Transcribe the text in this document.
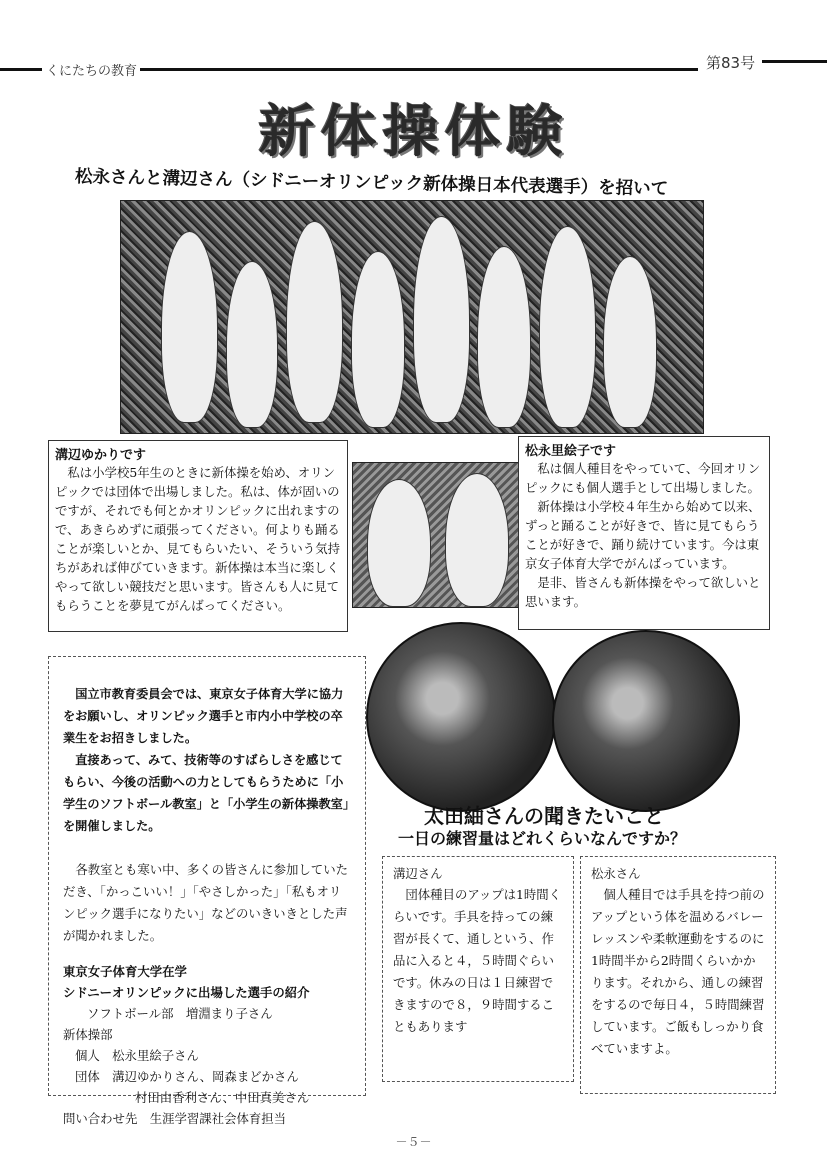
くにたちの教育	第83号
新体操体験
松永さんと溝辺さん（シドニーオリンピック新体操日本代表選手）を招いて
溝辺ゆかりです

私は小学校5年生のときに新体操を始め、オリンピックでは団体で出場しました。私は、体が固いのですが、それでも何とかオリンピックに出れますので、あきらめずに頑張ってください。何よりも踊ることが楽しいとか、見てもらいたい、そういう気持ちがあれば伸びていきます。新体操は本当に楽しくやって欲しい競技だと思います。皆さんも人に見てもらうことを夢見てがんばってください。

松永里絵子です

私は個人種目をやっていて、今回オリンピックにも個人選手として出場しました。

新体操は小学校４年生から始めて以来、ずっと踊ることが好きで、皆に見てもらうことが好きで、踊り続けています。今は東京女子体育大学でがんばっています。

是非、皆さんも新体操をやって欲しいと思います。

国立市教育委員会では、東京女子体育大学に協力をお願いし、オリンピック選手と市内小中学校の卒業生をお招きしました。

直接あって、みて、技術等のすばらしさを感じてもらい、今後の活動への力としてもらうために「小学生のソフトボール教室」と「小学生の新体操教室」を開催しました。

各教室とも寒い中、多くの皆さんに参加していただき、「かっこいい！」「やさしかった」「私もオリンピック選手になりたい」などのいきいきとした声が聞かれました。

東京女子体育大学在学

シドニーオリンピックに出場した選手の紹介

ソフトボール部　増淵まり子さん

新体操部

個人　松永里絵子さん

団体　溝辺ゆかりさん、岡森まどかさん

村田由香利さん、中田真美さん

問い合わせ先　生涯学習課社会体育担当

太田紬さんの聞きたいこと
一日の練習量はどれくらいなんですか？

溝辺さん

団体種目のアップは1時間くらいです。手具を持っての練習が長くて、通しという、作品に入ると４，５時間ぐらいです。休みの日は１日練習できますので８，９時間することもあります

松永さん

個人種目では手具を持つ前のアップという体を温めるバレーレッスンや柔軟運動をするのに1時間半から2時間くらいかかります。それから、通しの練習をするので毎日４，５時間練習しています。ご飯もしっかり食べていますよ。

－５－
